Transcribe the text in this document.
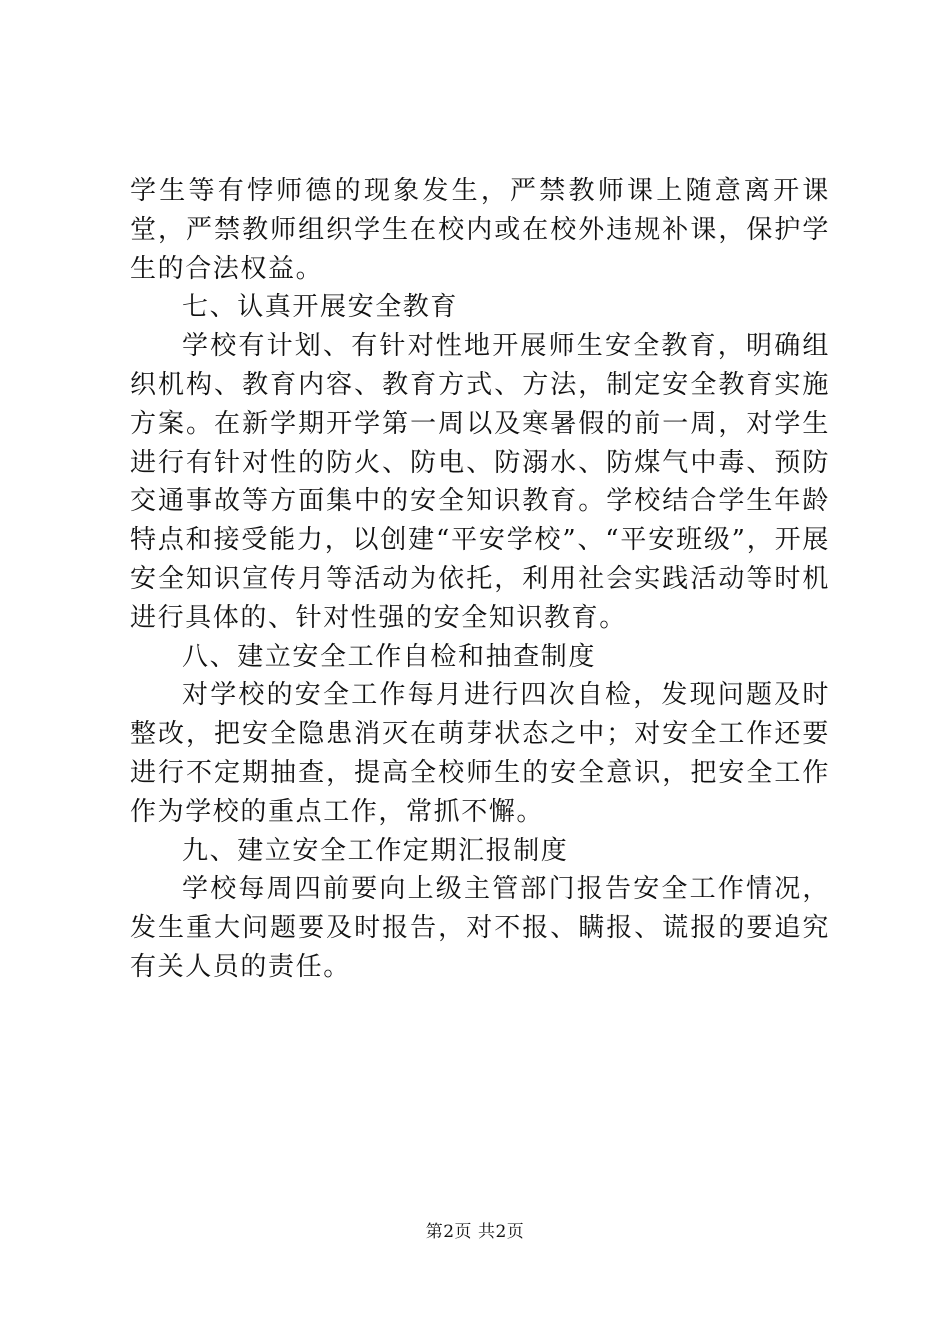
学生等有悖师德的现象发生，严禁教师课上随意离开课堂，严禁教师组织学生在校内或在校外违规补课，保护学生的合法权益。

七、认真开展安全教育

学校有计划、有针对性地开展师生安全教育，明确组织机构、教育内容、教育方式、方法，制定安全教育实施方案。在新学期开学第一周以及寒暑假的前一周，对学生进行有针对性的防火、防电、防溺水、防煤气中毒、预防交通事故等方面集中的安全知识教育。学校结合学生年龄特点和接受能力，以创建“平安学校”、“平安班级”，开展安全知识宣传月等活动为依托，利用社会实践活动等时机进行具体的、针对性强的安全知识教育。

八、建立安全工作自检和抽查制度

对学校的安全工作每月进行四次自检，发现问题及时整改，把安全隐患消灭在萌芽状态之中；对安全工作还要进行不定期抽查，提高全校师生的安全意识，把安全工作作为学校的重点工作，常抓不懈。

九、建立安全工作定期汇报制度

学校每周四前要向上级主管部门报告安全工作情况，发生重大问题要及时报告，对不报、瞒报、谎报的要追究有关人员的责任。

第2页 共2页
